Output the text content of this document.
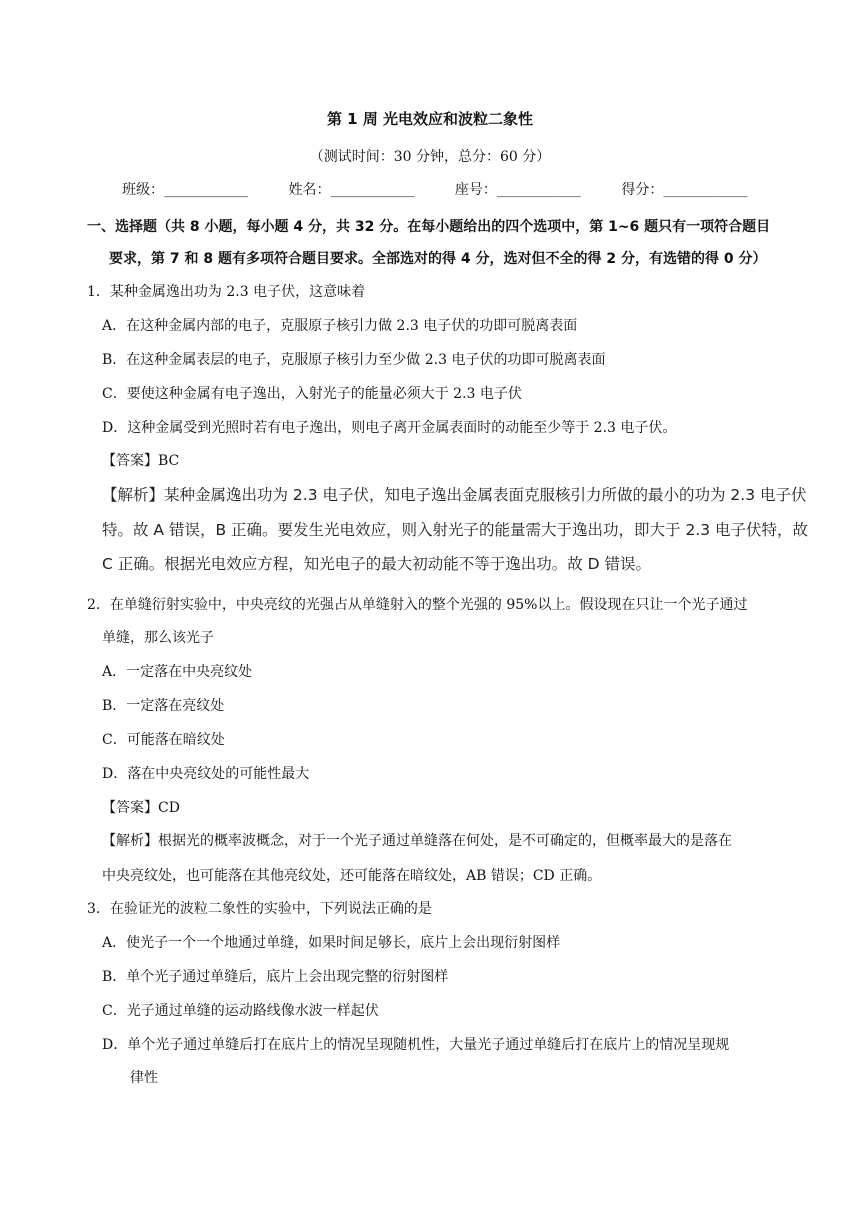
第 1 周 光电效应和波粒二象性
（测试时间：30 分钟，总分：60 分）
班级：____________	姓名：____________	座号：____________	得分：____________
一、选择题（共 8 小题，每小题 4 分，共 32 分。在每小题给出的四个选项中，第 1~6 题只有一项符合题目
要求，第 7 和 8 题有多项符合题目要求。全部选对的得 4 分，选对但不全的得 2 分，有选错的得 0 分）
1．某种金属逸出功为 2.3 电子伏，这意味着
A．在这种金属内部的电子，克服原子核引力做 2.3 电子伏的功即可脱离表面
B．在这种金属表层的电子，克服原子核引力至少做 2.3 电子伏的功即可脱离表面
C．要使这种金属有电子逸出，入射光子的能量必须大于 2.3 电子伏
D．这种金属受到光照时若有电子逸出，则电子离开金属表面时的动能至少等于 2.3 电子伏。
【答案】BC
【解析】某种金属逸出功为 2.3 电子伏，知电子逸出金属表面克服核引力所做的最小的功为 2.3 电子伏
特。故 A 错误，B 正确。要发生光电效应，则入射光子的能量需大于逸出功，即大于 2.3 电子伏特，故
C 正确。根据光电效应方程，知光电子的最大初动能不等于逸出功。故 D 错误。
2．在单缝衍射实验中，中央亮纹的光强占从单缝射入的整个光强的 95%以上。假设现在只让一个光子通过
单缝，那么该光子
A．一定落在中央亮纹处
B．一定落在亮纹处
C．可能落在暗纹处
D．落在中央亮纹处的可能性最大
【答案】CD
【解析】根据光的概率波概念，对于一个光子通过单缝落在何处，是不可确定的，但概率最大的是落在
中央亮纹处，也可能落在其他亮纹处，还可能落在暗纹处，AB 错误；CD 正确。
3．在验证光的波粒二象性的实验中，下列说法正确的是
A．使光子一个一个地通过单缝，如果时间足够长，底片上会出现衍射图样
B．单个光子通过单缝后，底片上会出现完整的衍射图样
C．光子通过单缝的运动路线像水波一样起伏
D．单个光子通过单缝后打在底片上的情况呈现随机性，大量光子通过单缝后打在底片上的情况呈现规
律性
